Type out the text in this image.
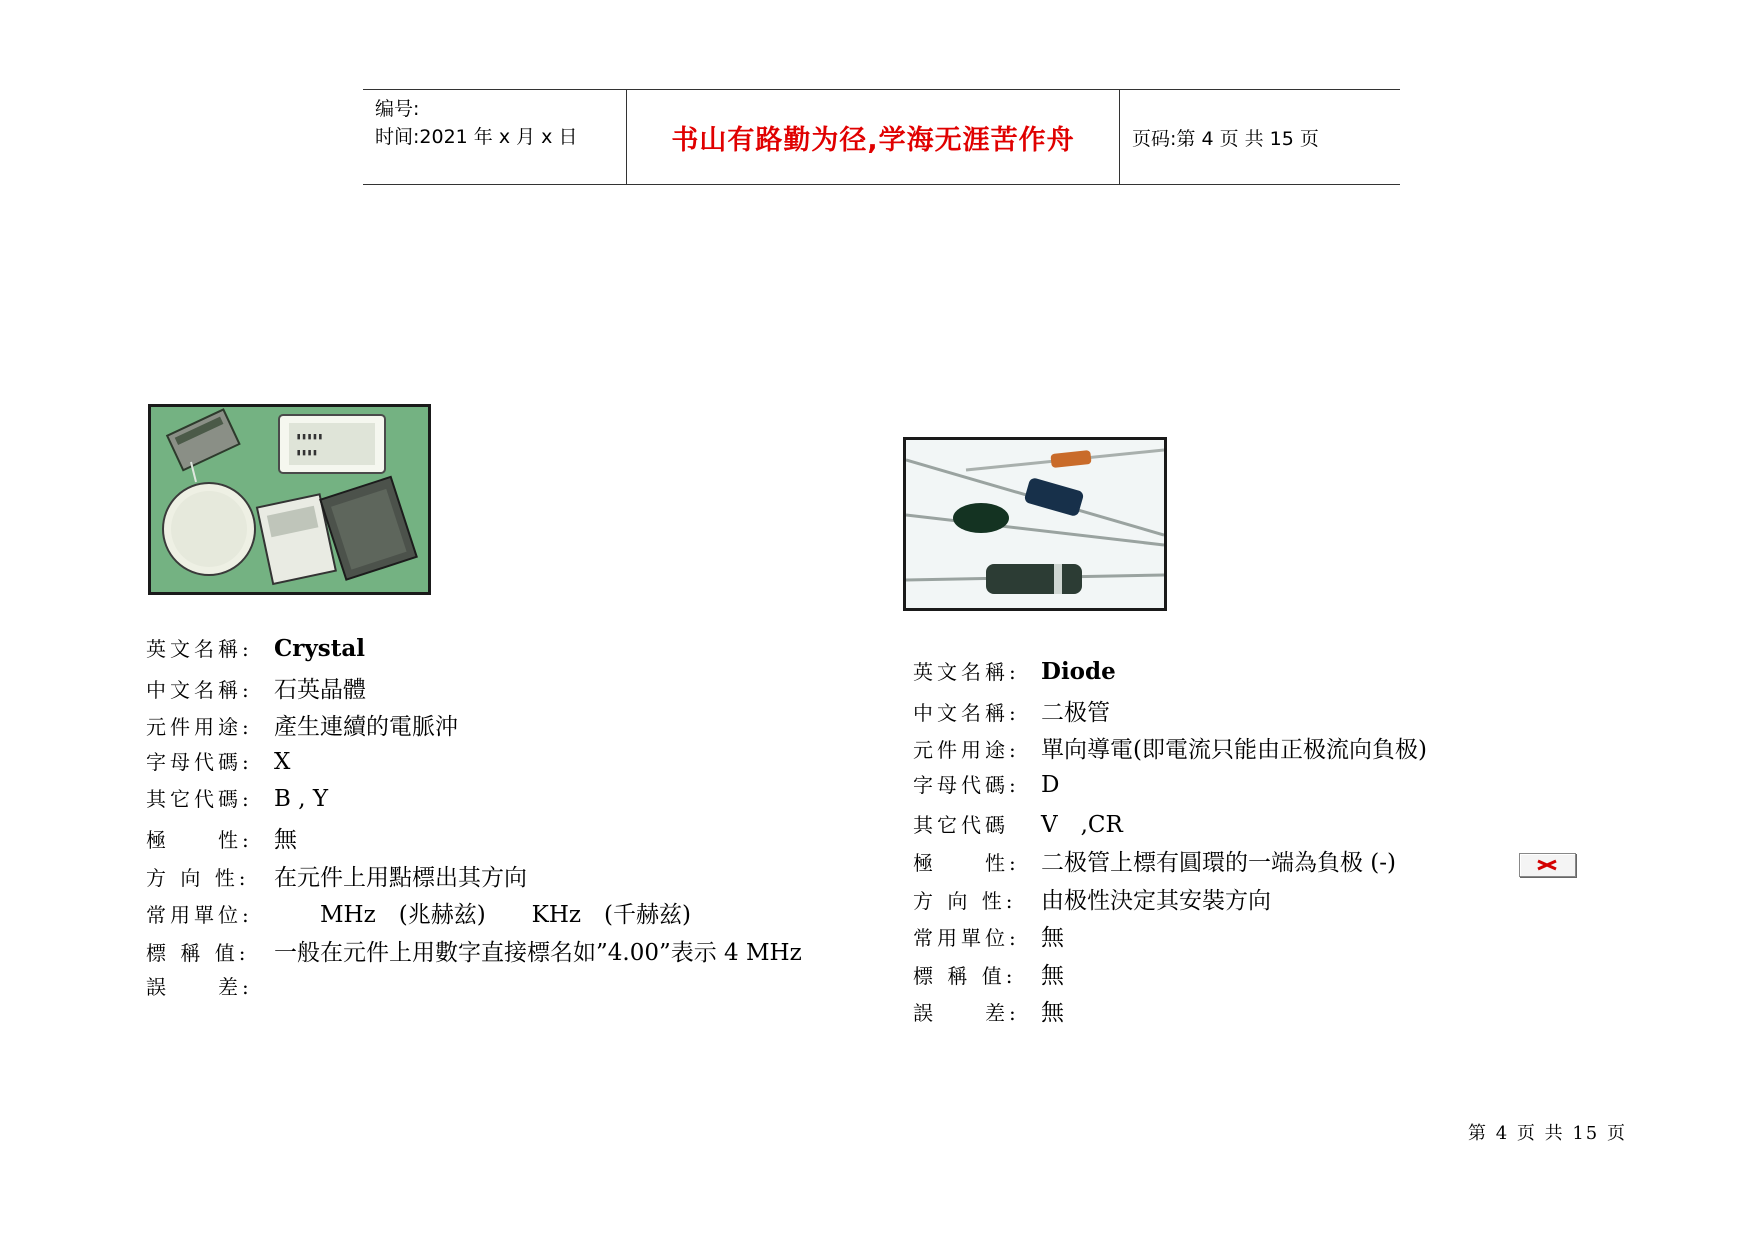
编号:
时间:2021 年 x 月 x 日	书山有路勤为径,学海无涯苦作舟	页码:第 4 页 共 15 页
▮▮▮▮▮
▮▮▮▮
英文名稱: Crystal
中文名稱: 石英晶體
元件用途: 產生連續的電脈沖
字母代碼: X
其它代碼: B , Y
極　　性: 無
方 向 性:	在元件上用點標出其方向
常用單位: 　　MHz　(兆赫兹)　　KHz　(千赫兹)
標 稱 值:	一般在元件上用數字直接標名如”4.00”表示 4 MHz
誤　　差:
英文名稱: Diode
中文名稱: 二极管
元件用途: 單向導電(即電流只能由正极流向負极)
字母代碼: D
其它代碼	V　,CR
極　　性: 二极管上標有圓環的一端為負极 (-)
方 向 性:	由极性決定其安裝方向
常用單位: 無
標 稱 值:	無
誤　　差: 無
第 4 页 共 15 页
